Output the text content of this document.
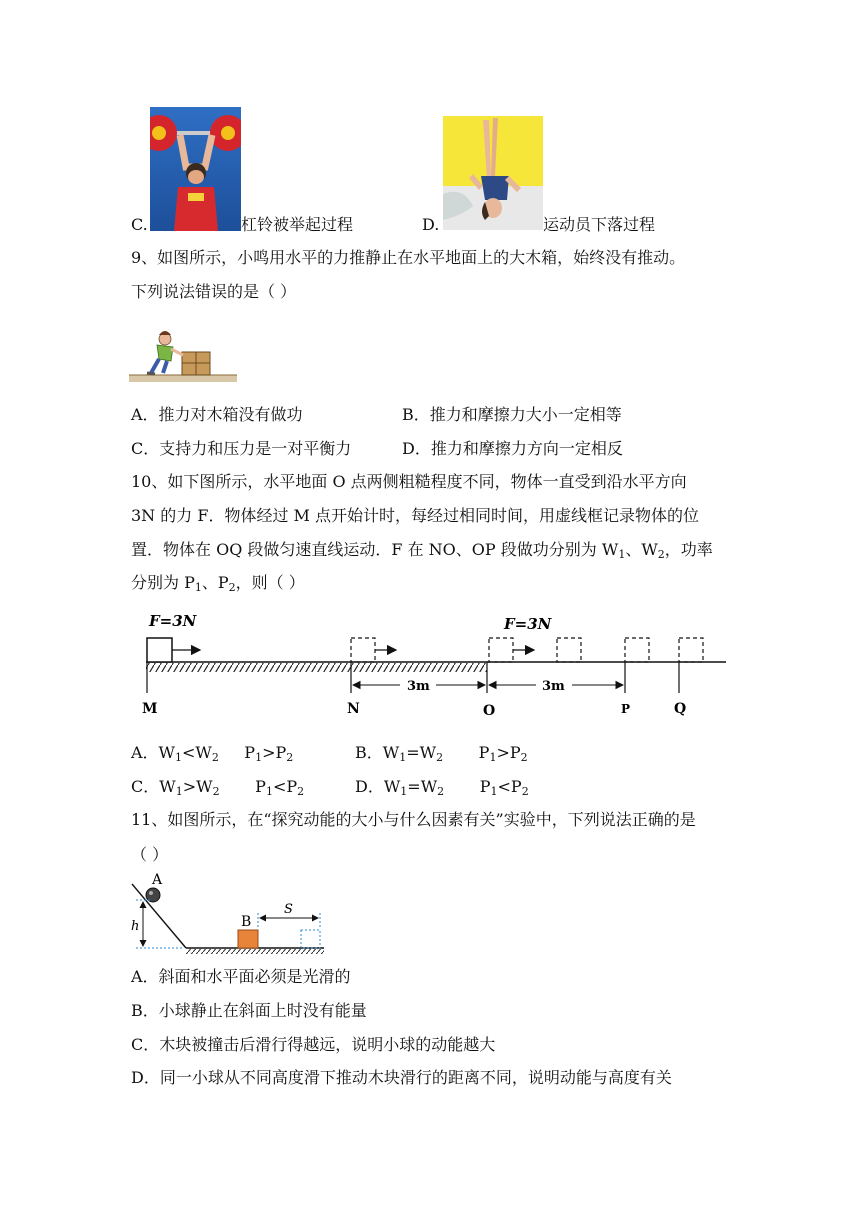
C.	杠铃被举起过程	D.	运动员下落过程
9、如图所示，小鸣用水平的力推静止在水平地面上的大木箱，始终没有推动。
下列说法错误的是（ ）
A．推力对木箱没有做功	B．推力和摩擦力大小一定相等
C．支持力和压力是一对平衡力	D．推力和摩擦力方向一定相反
10、如下图所示，水平地面 O 点两侧粗糙程度不同，物体一直受到沿水平方向
3N 的力 F．物体经过 M 点开始计时，每经过相同时间，用虚线框记录物体的位
置．物体在 OQ 段做匀速直线运动．F 在 NO、OP 段做功分别为 $W_1$、$W_2$，功率
分别为 $P_1$、$P_2$，则（ ）
F=3N	F=3N
3m	3m
M	N	O	P	Q
A．$W_1<W_2$     $P_1>P_2$	B．$W_1=W_2$       $P_1>P_2$
C．$W_1>W_2$       $P_1<P_2$	D．$W_1=W_2$       $P_1<P_2$
11、如图所示，在“探究动能的大小与什么因素有关”实验中，下列说法正确的是
（ ）
A
h	B
S
A．斜面和水平面必须是光滑的
B．小球静止在斜面上时没有能量
C．木块被撞击后滑行得越远，说明小球的动能越大
D．同一小球从不同高度滑下推动木块滑行的距离不同，说明动能与高度有关
